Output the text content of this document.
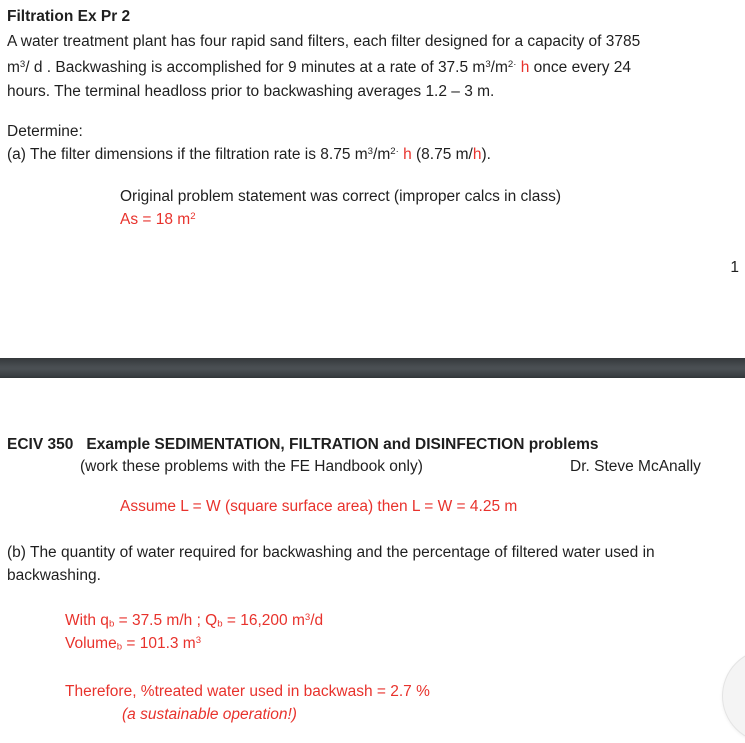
Filtration Ex Pr 2
A water treatment plant has four rapid sand filters, each filter designed for a capacity of 3785
$m^3/$ d . Backwashing is accomplished for 9 minutes at a rate of 37.5 $m^3/m^{2\cdot}$ h once every 24
hours. The terminal headloss prior to backwashing averages 1.2 – 3 m.
Determine:
(a) The filter dimensions if the filtration rate is 8.75 $m^3/m^{2\cdot}$ h (8.75 m/h).
Original problem statement was correct (improper calcs in class)
As = 18 $m^2$
1
ECIV 350 Example SEDIMENTATION, FILTRATION and DISINFECTION problems
(work these problems with the FE Handbook only)	Dr. Steve McAnally
Assume L = W (square surface area) then L = W = 4.25 m
(b) The quantity of water required for backwashing and the percentage of filtered water used in
backwashing.
With qb = 37.5 m/h ; Qb = 16,200 $m^3/d$
Volumeb = 101.3 $m^3$
Therefore, %treated water used in backwash = 2.7 %
(a sustainable operation!)
